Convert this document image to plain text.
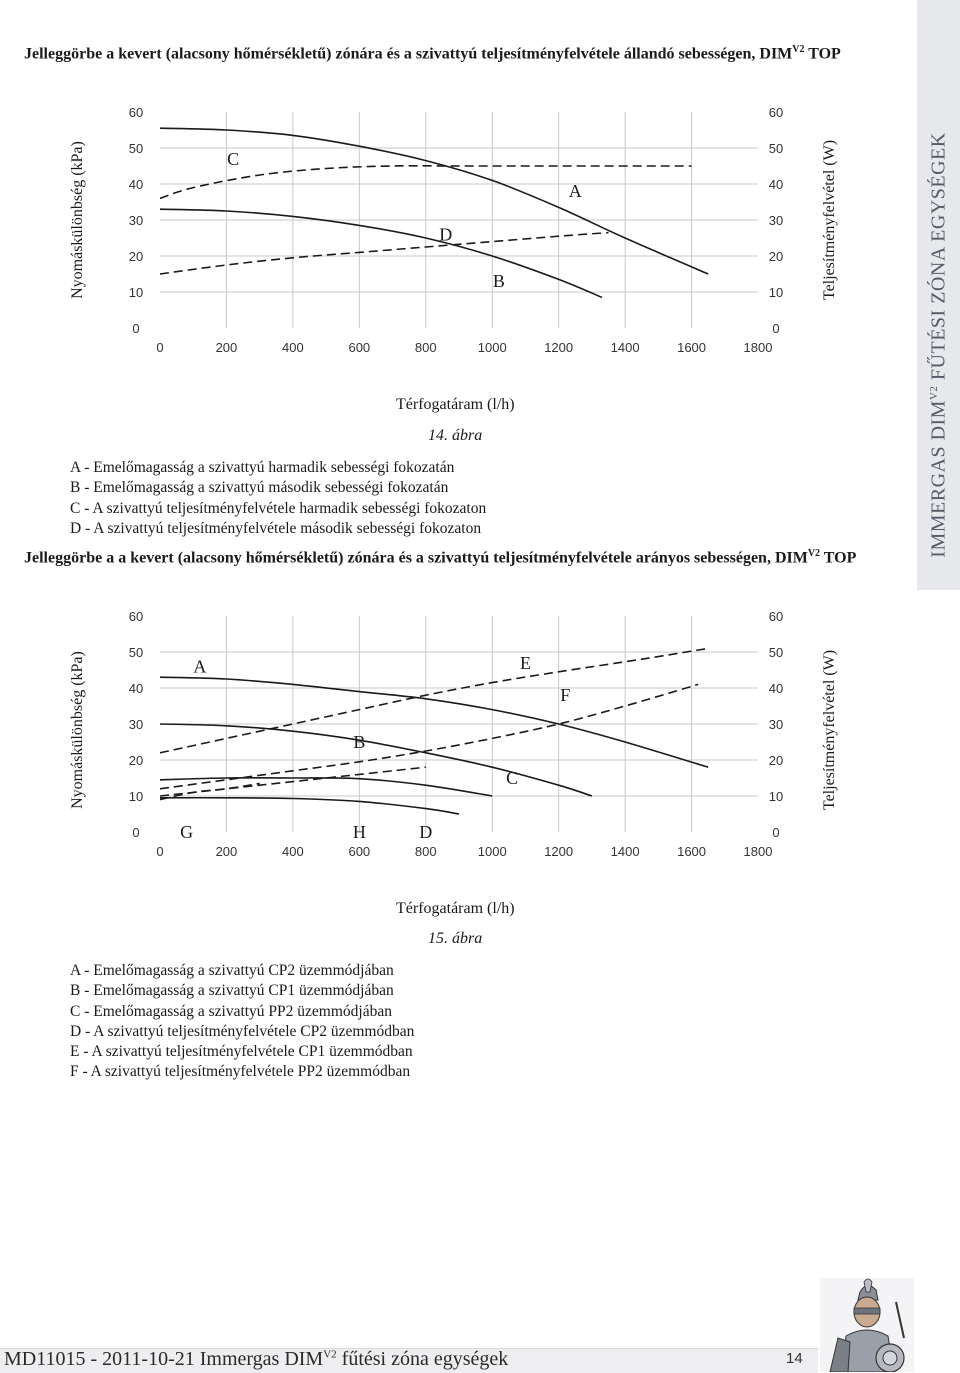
Jelleggörbe a kevert (alacsony hőmérsékletű) zónára és a szivattyú teljesítményfelvétele állandó sebességen, $DIM^{V2}$ TOP
0	0
10	10
20	20
30	30
40	40
50	50
60	60
0	200	400	600	800	1000	1200	1400	1600	1800
Nyomáskülönbség (kPa)	Teljesítményfelvétel (W)
A
B
C
D
Térfogatáram (l/h)
14. ábra
A - Emelőmagasság a szivattyú harmadik sebességi fokozatán
B - Emelőmagasság a szivattyú második sebességi fokozatán
C - A szivattyú teljesítményfelvétele harmadik sebességi fokozaton
D - A szivattyú teljesítményfelvétele második sebességi fokozaton
Jelleggörbe a a kevert (alacsony hőmérsékletű) zónára és a szivattyú teljesítményfelvétele arányos sebességen, $DIM^{V2}$ TOP
0	0
10	10
20	20
30	30
40	40
50	50
60	60
0	200	400	600	800	1000	1200	1400	1600	1800
Nyomáskülönbség (kPa)	Teljesítményfelvétel (W)
A
B
C
D
E
F
G	H
Térfogatáram (l/h)
15. ábra
A - Emelőmagasság a szivattyú CP2 üzemmódjában
B - Emelőmagasság a szivattyú CP1 üzemmódjában
C - Emelőmagasság a szivattyú PP2 üzemmódjában
D - A szivattyú teljesítményfelvétele CP2 üzemmódban
E - A szivattyú teljesítményfelvétele CP1 üzemmódban
F - A szivattyú teljesítményfelvétele PP2 üzemmódban
IMMERGAS $DIM^{V2}$ FŰTÉSI ZÓNA EGYSÉGEK
MD11015 - 2011-10-21 Immergas $DIM^{V2}$ fűtési zóna egységek	14
